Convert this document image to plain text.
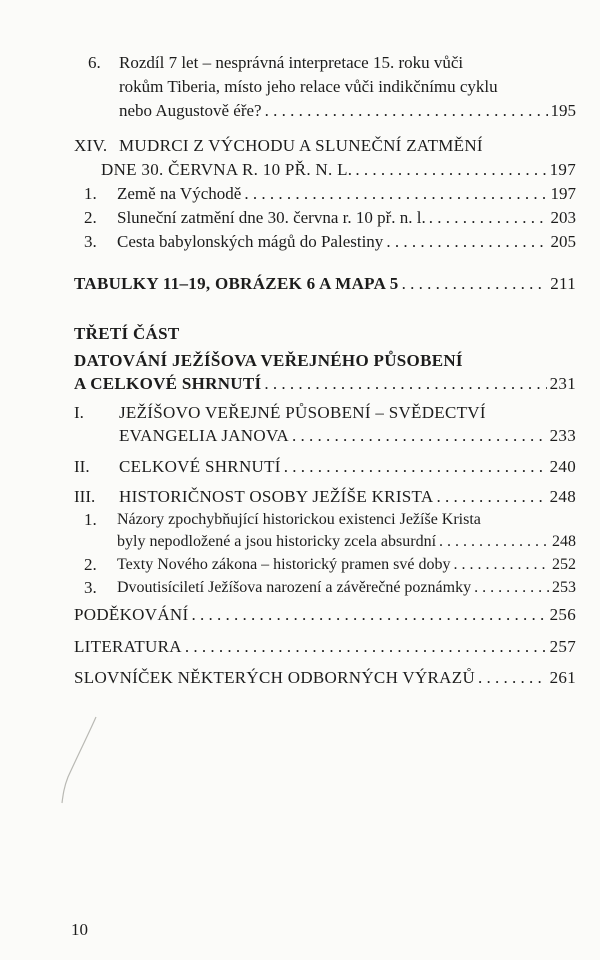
6. Rozdíl 7 let – nesprávná interpretace 15. roku vůči
rokům Tiberia, místo jeho relace vůči indikčnímu cyklu
nebo Augustově éře? . . .	195
XIV. MUDRCI Z VÝCHODU A SLUNEČNÍ ZATMĚNÍ
DNE 30. ČERVNA R. 10 PŘ. N. L. . . .	197
1. Země na Východě . . .	197
2. Sluneční zatmění dne 30. června r. 10 př. n. l. . . .	203
3. Cesta babylonských mágů do Palestiny . . .	205
TABULKY 11–19, OBRÁZEK 6 A MAPA 5 . . .	211
TŘETÍ ČÁST
DATOVÁNÍ JEŽÍŠOVA VEŘEJNÉHO PŮSOBENÍ
A CELKOVÉ SHRNUTÍ . . .	231
I. JEŽÍŠOVO VEŘEJNÉ PŮSOBENÍ – SVĚDECTVÍ
EVANGELIA JANOVA . . .	233
II. CELKOVÉ SHRNUTÍ . . .	240
III. HISTORIČNOST OSOBY JEŽÍŠE KRISTA . . .	248
1. Názory zpochybňující historickou existenci Ježíše Krista
byly nepodložené a jsou historicky zcela absurdní . . .	248
2. Texty Nového zákona – historický pramen své doby . . .	252
3. Dvoutisíciletí Ježíšova narození a závěrečné poznámky . . .	253
PODĚKOVÁNÍ . . .	256
LITERATURA . . .	257
SLOVNÍČEK NĚKTERÝCH ODBORNÝCH VÝRAZŮ . . .	261
10
